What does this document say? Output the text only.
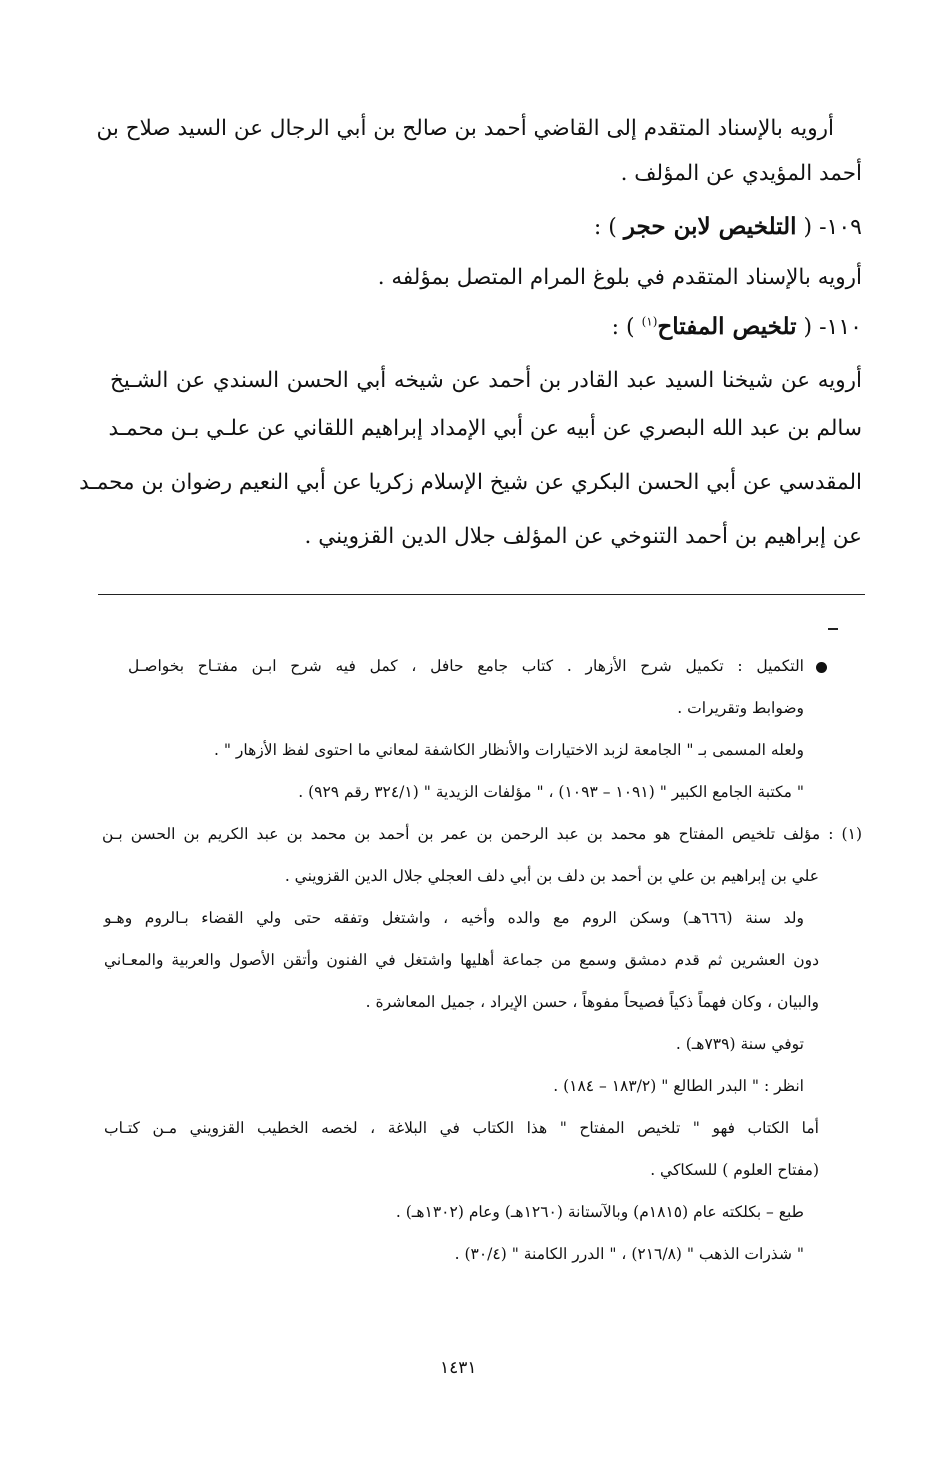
أرويه بالإسناد المتقدم إلى القاضي أحمد بن صالح بن أبي الرجال عن السيد صلاح بن
أحمد المؤيدي عن المؤلف .
١٠٩- ( التلخيص لابن حجر ) :
أرويه بالإسناد المتقدم في بلوغ المرام المتصل بمؤلفه .
١١٠- ( تلخيص المفتاح$^{(١)}$ ) :
أرويه عن شيخنا السيد عبد القادر بن أحمد عن شيخه أبي الحسن السندي عن الشـيخ
سالم بن عبد الله البصري عن أبيه عن أبي الإمداد إبراهيم اللقاني عن علـي بـن محمـد
المقدسي عن أبي الحسن البكري عن شيخ الإسلام زكريا عن أبي النعيم رضوان بن محمـد
عن إبراهيم بن أحمد التنوخي عن المؤلف جلال الدين القزويني .
التكميل : تكميل شرح الأزهار . كتاب جامع حافل ، كمل فيه شرح ابـن مفتـاح بخواصـل
وضوابط وتقريرات .
ولعله المسمى بـ " الجامعة لزبد الاختيارات والأنظار الكاشفة لمعاني ما احتوى لفظ الأزهار " .
" مكتبة الجامع الكبير " (١٠٩١ – ١٠٩٣) ، " مؤلفات الزيدية " (٣٢٤/١ رقم ٩٢٩) .
(١) : مؤلف تلخيص المفتاح هو محمد بن عبد الرحمن بن عمر بن أحمد بن محمد بن عبد الكريم بن الحسن بـن
علي بن إبراهيم بن علي بن أحمد بن دلف بن أبي دلف العجلي جلال الدين القزويني .
ولد سنة (٦٦٦هـ) وسكن الروم مع والده وأخيه ، واشتغل وتفقه حتى ولي القضاء بـالروم وهـو
دون العشرين ثم قدم دمشق وسمع من جماعة أهليها واشتغل في الفنون وأتقن الأصول والعربية والمعـاني
والبيان ، وكان فهماً ذكياً فصيحاً مفوهاً ، حسن الإيراد ، جميل المعاشرة .
توفي سنة (٧٣٩هـ) .
انظر : " البدر الطالع " (١٨٣/٢ – ١٨٤) .
أما الكتاب فهو " تلخيص المفتاح " هذا الكتاب في البلاغة ، لخصه الخطيب القزويني مـن كتـاب
(مفتاح العلوم ) للسكاكي .
طبع – بكلكته عام (١٨١٥م) وبالآستانة (١٢٦٠هـ) وعام (١٣٠٢هـ) .
" شذرات الذهب " (٢١٦/٨) ، " الدرر الكامنة " (٣٠/٤) .
١٤٣١
